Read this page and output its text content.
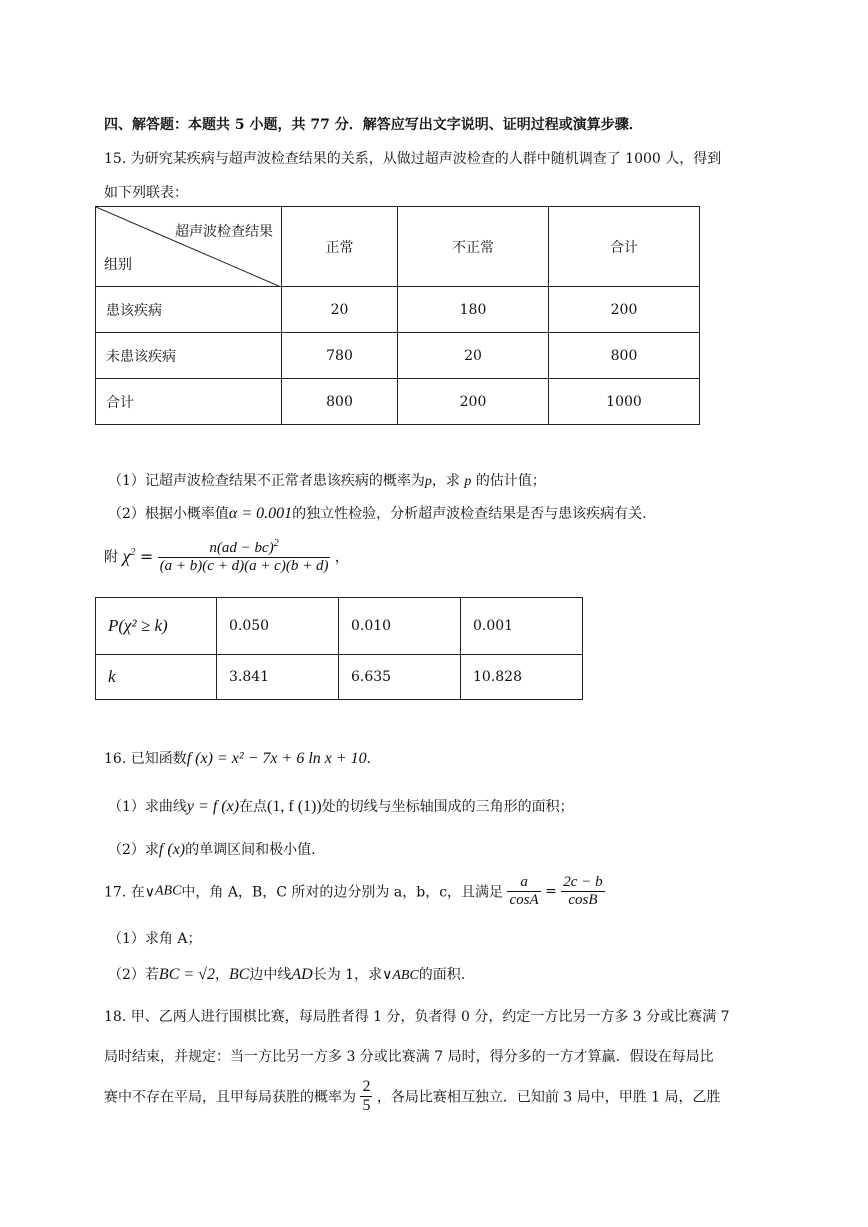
四、解答题：本题共 5 小题，共 77 分．解答应写出文字说明、证明过程或演算步骤．
15. 为研究某疾病与超声波检查结果的关系，从做过超声波检查的人群中随机调查了 1000 人，得到
如下列联表：
超声波检查结果
组别	正常	不正常	合计
患该疾病	20	180	200
未患该疾病	780	20	800
合计	800	200	1000
（1）记超声波检查结果不正常者患该疾病的概率为p，求 p 的估计值；
（2）根据小概率值α = 0.001的独立性检验，分析超声波检查结果是否与患该疾病有关.
附 $\chi^2 = \frac{n(ad - bc)^2}{(a + b)(c + d)(a + c)(b + d)}$ ，
P(χ² ≥ k)	0.050	0.010	0.001
k	3.841	6.635	10.828
16. 已知函数f (x) = x² − 7x + 6 ln x + 10.
（1）求曲线y = f (x)在点(1, f (1))处的切线与坐标轴围成的三角形的面积；
（2）求f (x)的单调区间和极小值.
17. 在∨ABC中，角 A，B，C 所对的边分别为 a，b，c，且满足 $\frac{a}{\cos A} = \frac{2c - b}{\cos B}$
（1）求角 A；
（2）若BC = √2，BC边中线AD长为 1，求∨ABC的面积.
18. 甲、乙两人进行围棋比赛，每局胜者得 1 分，负者得 0 分，约定一方比另一方多 3 分或比赛满 7
局时结束，并规定：当一方比另一方多 3 分或比赛满 7 局时，得分多的一方才算赢．假设在每局比
赛中不存在平局，且甲每局获胜的概率为 $\frac{2}{5}$ ，各局比赛相互独立．已知前 3 局中，甲胜 1 局，乙胜
